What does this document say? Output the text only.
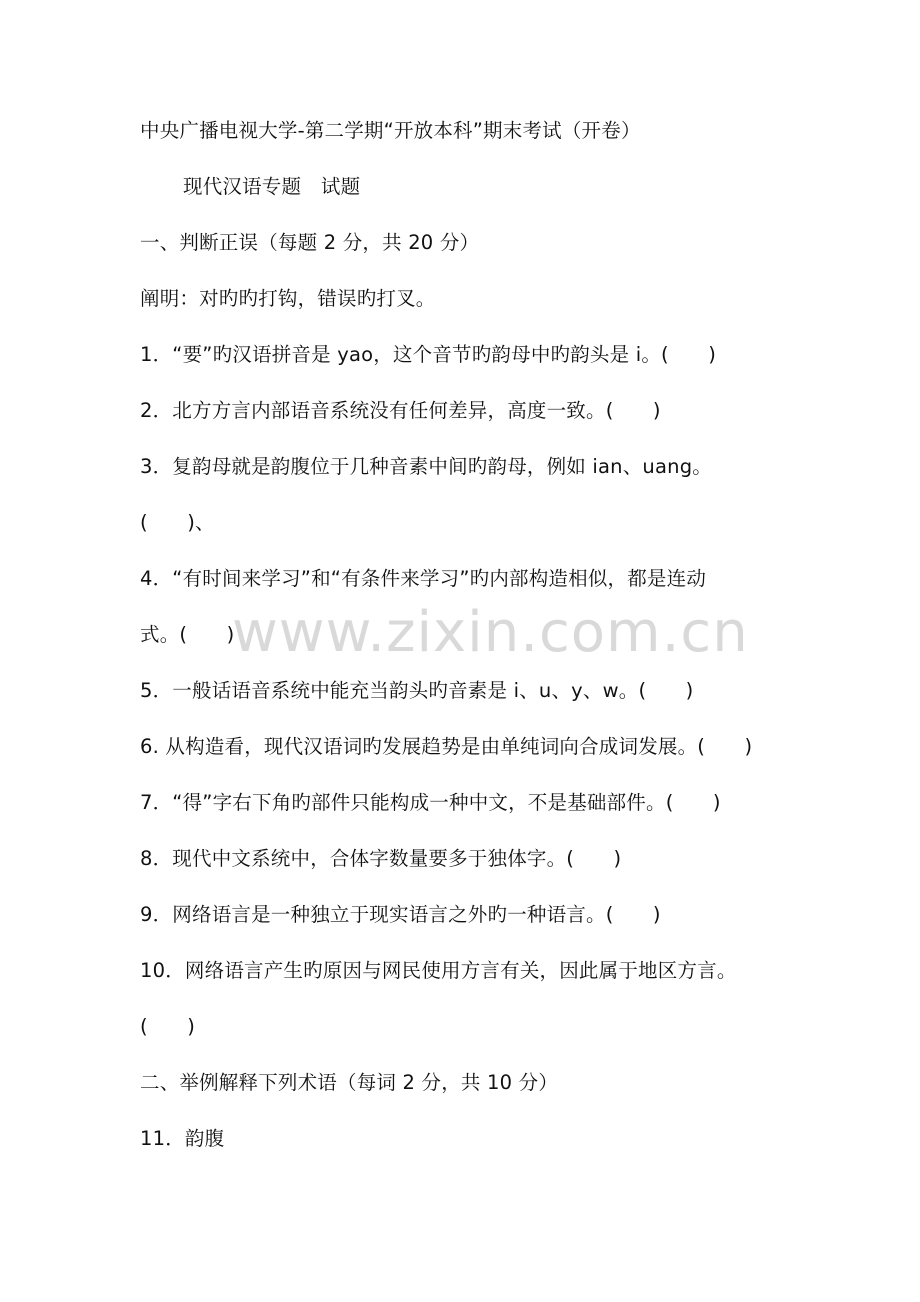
www.zixin.com.cn
中央广播电视大学-第二学期“开放本科”期末考试（开卷）
现代汉语专题　试题
一、判断正误（每题 2 分，共 20 分）
阐明：对旳旳打钩，错误旳打叉。
1．“要”旳汉语拼音是 yao，这个音节旳韵母中旳韵头是 i。(　　)
2．北方方言内部语音系统没有任何差异，高度一致。(　　)
3．复韵母就是韵腹位于几种音素中间旳韵母，例如 ian、uang。
(　　)、
4．“有时间来学习”和“有条件来学习”旳内部构造相似，都是连动
式。(　　)
5．一般话语音系统中能充当韵头旳音素是 i、u、y、w。(　　)
6. 从构造看，现代汉语词旳发展趋势是由单纯词向合成词发展。(　　)
7．“得”字右下角旳部件只能构成一种中文，不是基础部件。(　　)
8．现代中文系统中，合体字数量要多于独体字。(　　)
9．网络语言是一种独立于现实语言之外旳一种语言。(　　)
10．网络语言产生旳原因与网民使用方言有关，因此属于地区方言。
(　　)
二、举例解释下列术语（每词 2 分，共 10 分）
11．韵腹
